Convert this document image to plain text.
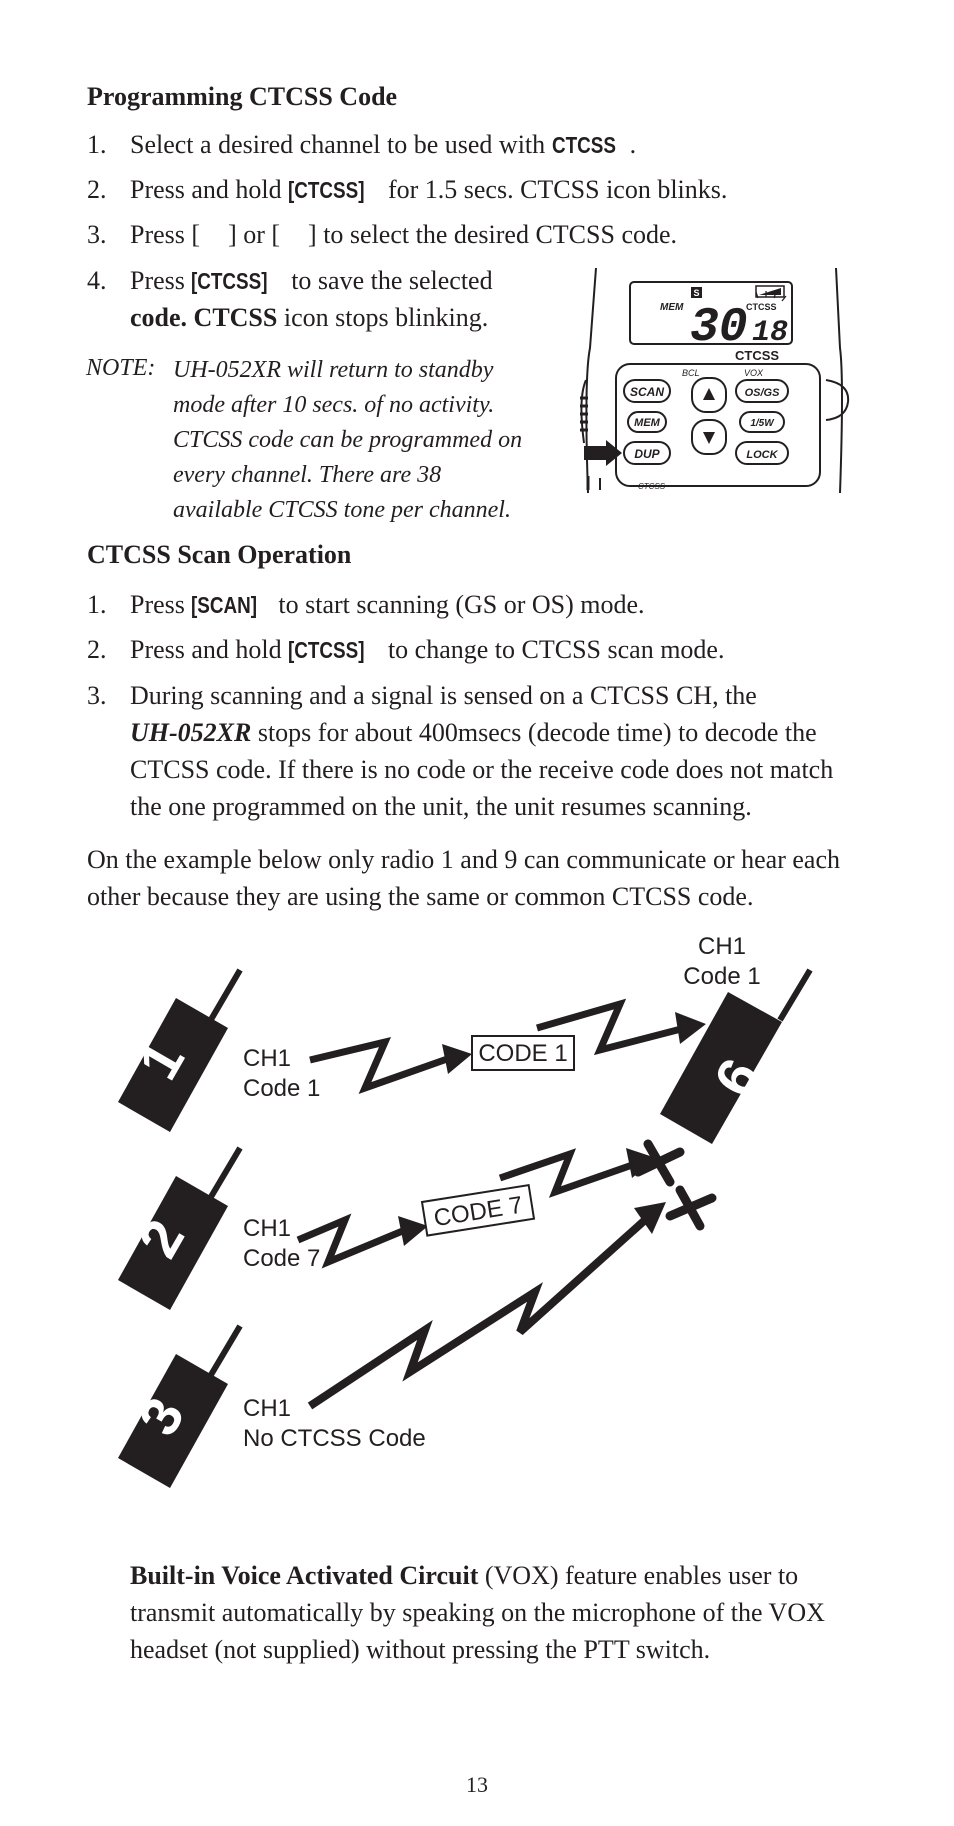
Programming CTCSS Code
1. Select a desired channel to be used with CTCSS .
2. Press and hold [CTCSS] for 1.5 secs. CTCSS icon blinks.
3. Press [ ] or [ ] to select the desired CTCSS code.
4. Press [CTCSS] to save the selected
code. CTCSS icon stops blinking.
NOTE: UH-052XR will return to standby
mode after 10 secs. of no activity.
CTCSS code can be programmed on
every channel. There are 38
available CTCSS tone per channel.
S
MEM 30
CTCSS
18
CTCSS
BCL	VOX
SCAN
MEM
DUP
CTCSS
OS/GS
1/5W
LOCK
CTCSS Scan Operation
1. Press [SCAN] to start scanning (GS or OS) mode.
2. Press and hold [CTCSS] to change to CTCSS scan mode.
3. During scanning and a signal is sensed on a CTCSS CH, the
UH-052XR stops for about 400msecs (decode time) to decode the
CTCSS code. If there is no code or the receive code does not match
the one programmed on the unit, the unit resumes scanning.
On the example below only radio 1 and 9 can communicate or hear each
other because they are using the same or common CTCSS code.
1 CH1
Code 1
CODE 1 9
CH1
Code 1
2 CH1
Code 7
CODE 7
3 CH1
No CTCSS Code
Built-in Voice Activated Circuit (VOX) feature enables user to
transmit automatically by speaking on the microphone of the VOX
headset (not supplied) without pressing the PTT switch.
13
